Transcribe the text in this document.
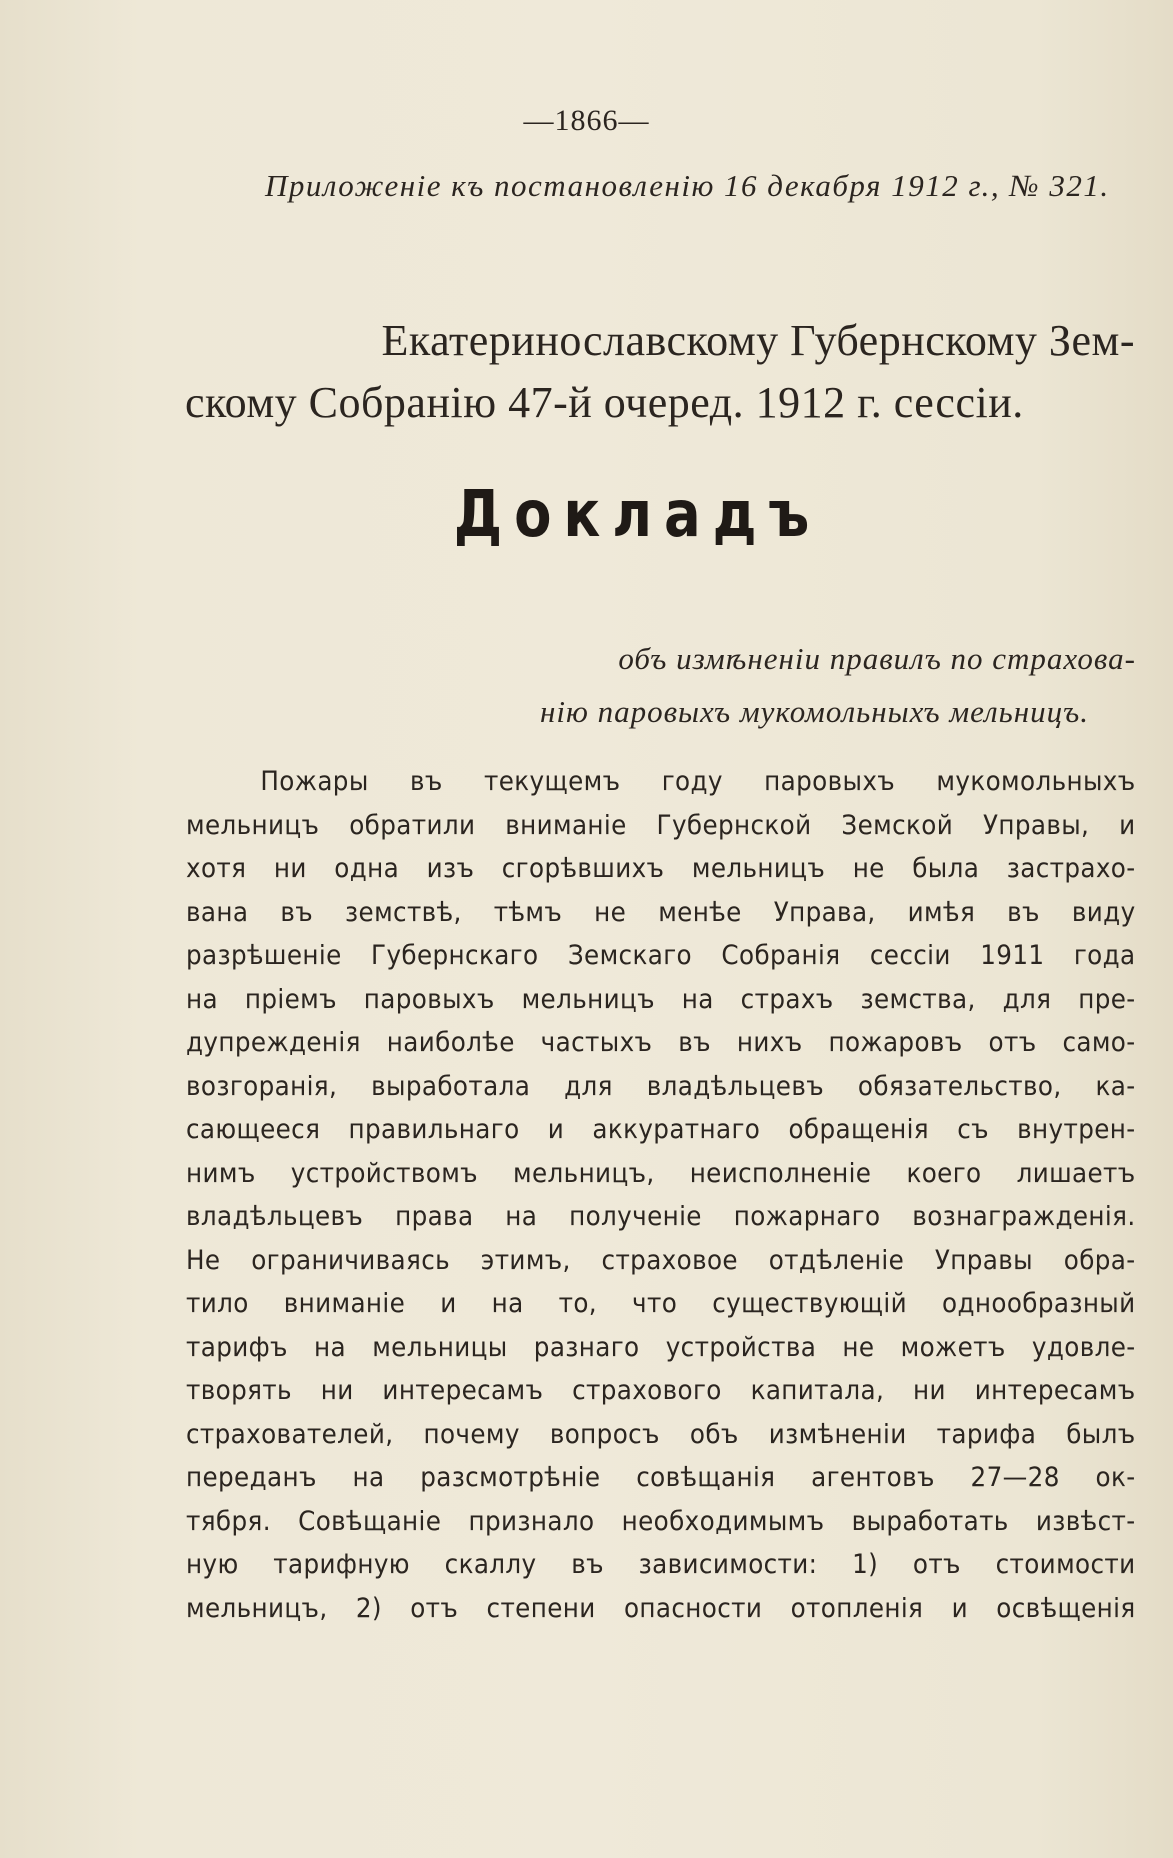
—1866—
Приложеніе къ постановленію 16 декабря 1912 г., № 321.
Екатеринославскому Губернскому Зем-
скому Собранію 47-й очеред. 1912 г. сессіи.
Докладъ
объ измѣненіи правилъ по страхова-
нію паровыхъ мукомольныхъ мельницъ.
Пожары въ текущемъ году паровыхъ мукомольныхъ
мельницъ обратили вниманіе Губернской Земской Управы, и
хотя ни одна изъ сгорѣвшихъ мельницъ не была застрахо-
вана въ земствѣ, тѣмъ не менѣе Управа, имѣя въ виду
разрѣшеніе Губернскаго Земскаго Собранія сессіи 1911 года
на пріемъ паровыхъ мельницъ на страхъ земства, для пре-
дупрежденія наиболѣе частыхъ въ нихъ пожаровъ отъ само-
возгоранія, выработала для владѣльцевъ обязательство, ка-
сающееся правильнаго и аккуратнаго обращенія съ внутрен-
нимъ устройствомъ мельницъ, неисполненіе коего лишаетъ
владѣльцевъ права на полученіе пожарнаго вознагражденія.
Не ограничиваясь этимъ, страховое отдѣленіе Управы обра-
тило вниманіе и на то, что существующій однообразный
тарифъ на мельницы разнаго устройства не можетъ удовле-
творять ни интересамъ страхового капитала, ни интересамъ
страхователей, почему вопросъ объ измѣненіи тарифа былъ
переданъ на разсмотрѣніе совѣщанія агентовъ 27—28 ок-
тября. Совѣщаніе признало необходимымъ выработать извѣст-
ную тарифную скаллу въ зависимости: 1) отъ стоимости
мельницъ, 2) отъ степени опасности отопленія и освѣщенія
